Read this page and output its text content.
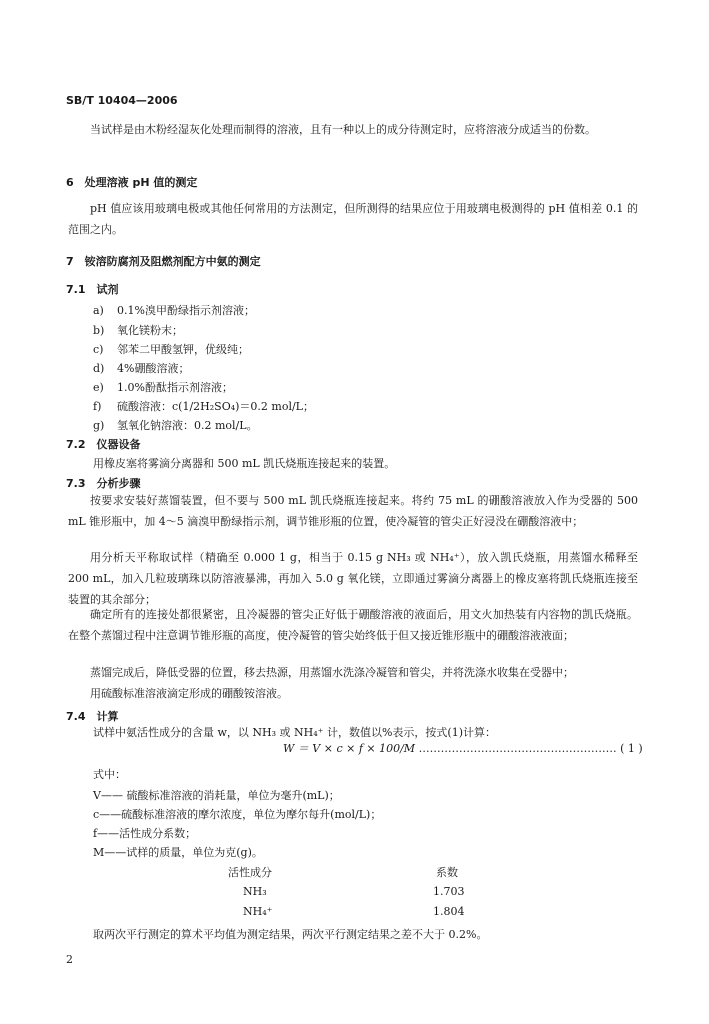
SB/T 10404—2006
当试样是由木粉经湿灰化处理而制得的溶液，且有一种以上的成分待测定时，应将溶液分成适当的份数。
6　处理溶液 pH 值的测定
pH 值应该用玻璃电极或其他任何常用的方法测定，但所测得的结果应位于用玻璃电极测得的 pH 值相差 0.1 的范围之内。
7　铵溶防腐剂及阻燃剂配方中氨的测定
7.1　试剂
a) 0.1%溴甲酚绿指示剂溶液；
b) 氧化镁粉末；
c) 邻苯二甲酸氢钾，优级纯；
d) 4%硼酸溶液；
e) 1.0%酚酞指示剂溶液；
f) 硫酸溶液：c(1/2H₂SO₄)＝0.2 mol/L；
g) 氢氧化钠溶液：0.2 mol/L。
7.2　仪器设备
用橡皮塞将雾滴分离器和 500 mL 凯氏烧瓶连接起来的装置。
7.3　分析步骤
按要求安装好蒸馏装置，但不要与 500 mL 凯氏烧瓶连接起来。将约 75 mL 的硼酸溶液放入作为受器的 500 mL 锥形瓶中，加 4～5 滴溴甲酚绿指示剂，调节锥形瓶的位置，使冷凝管的管尖正好浸没在硼酸溶液中；
用分析天平称取试样（精确至 0.000 1 g，相当于 0.15 g NH₃ 或 NH₄⁺），放入凯氏烧瓶，用蒸馏水稀释至 200 mL，加入几粒玻璃珠以防溶液暴沸，再加入 5.0 g 氧化镁，立即通过雾滴分离器上的橡皮塞将凯氏烧瓶连接至装置的其余部分；
确定所有的连接处都很紧密，且冷凝器的管尖正好低于硼酸溶液的液面后，用文火加热装有内容物的凯氏烧瓶。在整个蒸馏过程中注意调节锥形瓶的高度，使冷凝管的管尖始终低于但又接近锥形瓶中的硼酸溶液液面；
蒸馏完成后，降低受器的位置，移去热源，用蒸馏水洗涤冷凝管和管尖，并将洗涤水收集在受器中；
用硫酸标准溶液滴定形成的硼酸铵溶液。
7.4　计算
试样中氨活性成分的含量 w，以 NH₃ 或 NH₄⁺ 计，数值以%表示，按式(1)计算：
W ＝ V × c × f × 100/M ……………………………………………… ( 1 )
式中：
V—— 硫酸标准溶液的消耗量，单位为毫升(mL)；
c——硫酸标准溶液的摩尔浓度，单位为摩尔每升(mol/L)；
f——活性成分系数；
M——试样的质量，单位为克(g)。
活性成分	系数
NH₃	1.703
NH₄⁺	1.804
取两次平行测定的算术平均值为测定结果，两次平行测定结果之差不大于 0.2%。
2
